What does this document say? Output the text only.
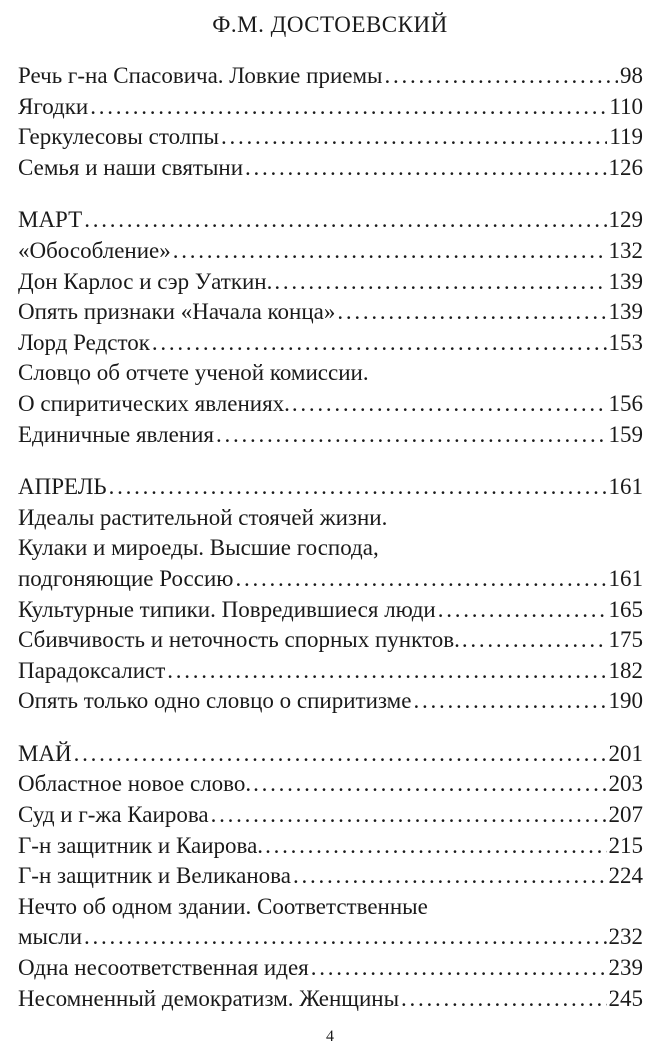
Ф.М. ДОСТОЕВСКИЙ
Речь г-на Спасовича. Ловкие приемы . . .	98
Ягодки . . .	110
Геркулесовы столпы . . .	119
Семья и наши святыни . . .	126
МАРТ . . .	129
«Обособление» . . .	132
Дон Карлос и сэр Уаткин. . . .	139
Опять признаки «Начала конца» . . .	139
Лорд Редсток . . .	153
Словцо об отчете ученой комиссии.
О спиритических явлениях. . . .	156
Единичные явления . . .	159
АПРЕЛЬ . . .	161
Идеалы растительной стоячей жизни.
Кулаки и мироеды. Высшие господа,
подгоняющие Россию . . .	161
Культурные типики. Повредившиеся люди . . .	165
Сбивчивость и неточность спорных пунктов. . . .	175
Парадоксалист . . .	182
Опять только одно словцо о спиритизме . . .	190
МАЙ . . .	201
Областное новое слово. . . .	203
Суд и г-жа Каирова . . .	207
Г-н защитник и Каирова. . . .	215
Г-н защитник и Великанова . . .	224
Нечто об одном здании. Соответственные
мысли . . .	232
Одна несоответственная идея . . .	239
Несомненный демократизм. Женщины . . .	245
4
